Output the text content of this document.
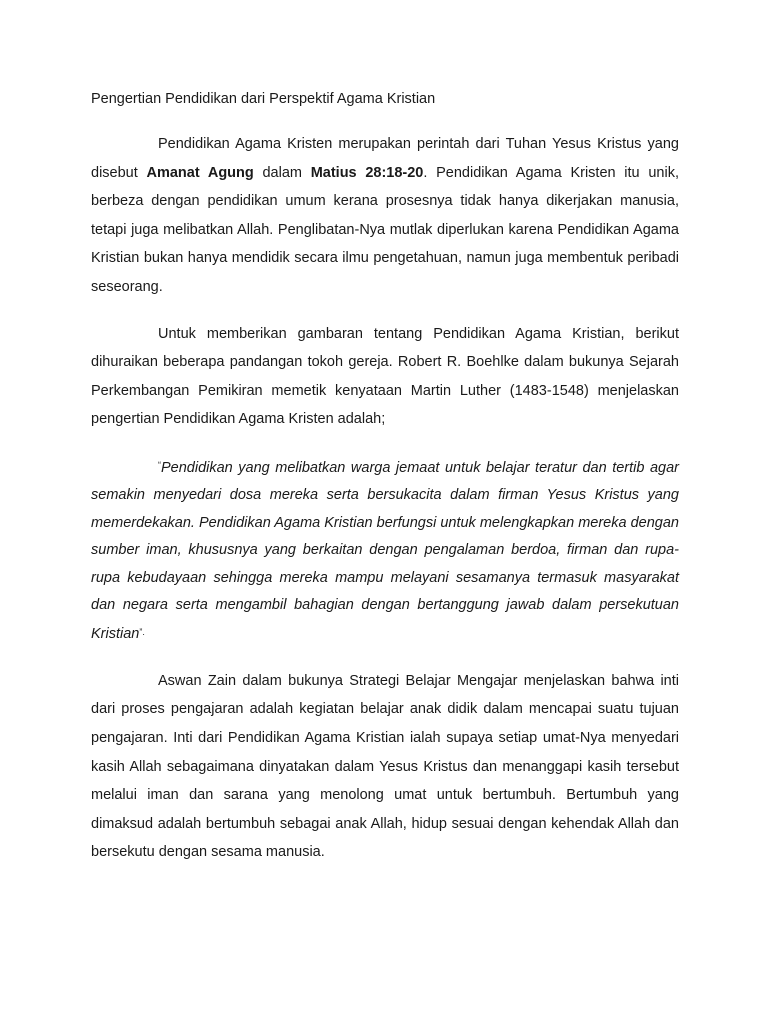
Pengertian Pendidikan dari Perspektif Agama Kristian

Pendidikan Agama Kristen merupakan perintah dari Tuhan Yesus Kristus yang disebut Amanat Agung dalam Matius 28:18-20. Pendidikan Agama Kristen itu unik, berbeza dengan pendidikan umum kerana prosesnya tidak hanya dikerjakan manusia, tetapi juga melibatkan Allah. Penglibatan-Nya mutlak diperlukan karena Pendidikan Agama Kristian bukan hanya mendidik secara ilmu pengetahuan, namun juga membentuk peribadi seseorang.

Untuk memberikan gambaran tentang Pendidikan Agama Kristian, berikut dihuraikan beberapa pandangan tokoh gereja. Robert R. Boehlke dalam bukunya Sejarah Perkembangan Pemikiran memetik kenyataan Martin Luther (1483-1548) menjelaskan pengertian Pendidikan Agama Kristen adalah;

“Pendidikan yang melibatkan warga jemaat untuk belajar teratur dan tertib agar semakin menyedari dosa mereka serta bersukacita dalam firman Yesus Kristus yang memerdekakan. Pendidikan Agama Kristian berfungsi untuk melengkapkan mereka dengan sumber iman, khususnya yang berkaitan dengan pengalaman berdoa, firman dan rupa-rupa kebudayaan sehingga mereka mampu melayani sesamanya termasuk masyarakat dan negara serta mengambil bahagian dengan bertanggung jawab dalam persekutuan Kristian”.

Aswan Zain dalam bukunya Strategi Belajar Mengajar menjelaskan bahwa inti dari proses pengajaran adalah kegiatan belajar anak didik dalam mencapai suatu tujuan pengajaran. Inti dari Pendidikan Agama Kristian ialah supaya setiap umat-Nya menyedari kasih Allah sebagaimana dinyatakan dalam Yesus Kristus dan menanggapi kasih tersebut melalui iman dan sarana yang menolong umat untuk bertumbuh. Bertumbuh yang dimaksud adalah bertumbuh sebagai anak Allah, hidup sesuai dengan kehendak Allah dan bersekutu dengan sesama manusia.
